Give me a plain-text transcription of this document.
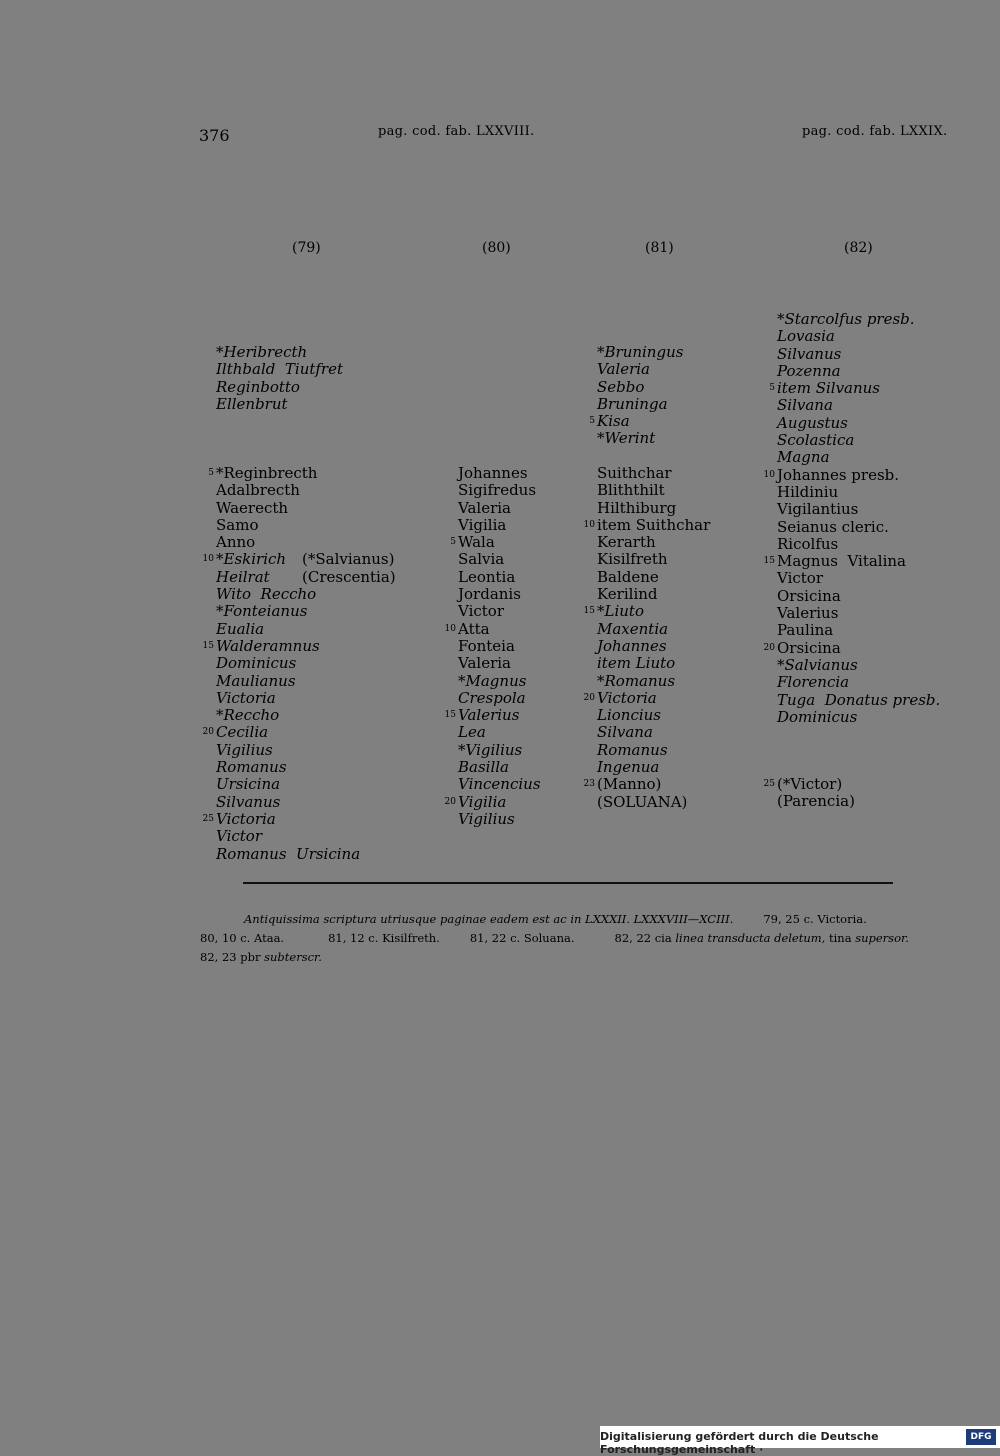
376	pag. cod. fab. LXXVIII.	pag. cod. fab. LXXIX.
(79)	(80)	(81)	(82)
*Heribrecth
Ilthbald  Tiutfret
Reginbotto
Ellenbrut
5 *Reginbrecth
Adalbrecth
Waerecth
Samo
Anno
10 *Eskirich (*Salvianus)
Heilrat (Crescentia)
Wito  Reccho
*Fonteianus
Eualia
15 Walderamnus
Dominicus
Maulianus
Victoria
*Reccho
20 Cecilia
Vigilius
Romanus
Ursicina
Silvanus
25 Victoria
Victor
Romanus  Ursicina
Johannes
Sigifredus
Valeria
Vigilia
5 Wala
Salvia
Leontia
Jordanis
Victor
10 Atta
Fonteia
Valeria
*Magnus
Crespola
15 Valerius
Lea
*Vigilius
Basilla
Vincencius
20 Vigilia
Vigilius
*Bruningus
Valeria
Sebbo
Bruninga
5 Kisa
*Werint
Suithchar
Bliththilt
Hilthiburg
10 item Suithchar
Kerarth
Kisilfreth
Baldene
Kerilind
15 *Liuto
Maxentia
Johannes
item Liuto
*Romanus
20 Victoria
Lioncius
Silvana
Romanus
Ingenua
23 (Manno)
(SOLUANA)
*Starcolfus presb.
Lovasia
Silvanus
Pozenna
5 item Silvanus
Silvana
Augustus
Scolastica
Magna
10 Johannes presb.
Hildiniu
Vigilantius
Seianus cleric.
Ricolfus
15 Magnus  Vitalina
Victor
Orsicina
Valerius
Paulina
20 Orsicina
*Salvianus
Florencia
Tuga  Donatus presb.
Dominicus
25 (*Victor)
(Parencia)
Antiquissima scriptura utriusque paginae eadem est ac in LXXXII. LXXXVIII—XCIII.	79, 25 c. Victoria.
80, 10 c. Ataa.	81, 12 c. Kisilfreth.	81, 22 c. Soluana.	82, 22 cia linea transducta deletum, tina supersor.
82, 23 pbr subterscr.
Digitalisierung gefördert durch die Deutsche Forschungsgemeinschaft ·
DFG
